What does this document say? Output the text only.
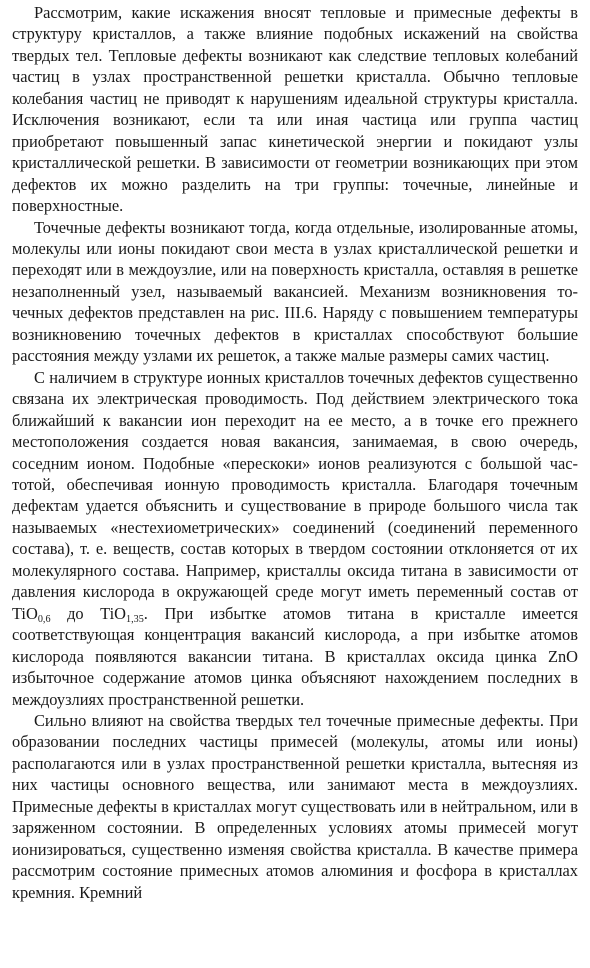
Рассмотрим, какие искажения вносят тепловые и примесные дефекты в структуру кристаллов, а также влияние подобных искажений на свойства твердых тел. Тепловые дефекты возникают как следствие тепловых колебаний частиц в узлах пространственной решетки кристалла. Обычно тепловые колебания частиц не приводят к нарушениям идеальной структуры кристалла. Исключения возникают, если та или иная частица или группа частиц приобретают повышенный запас кинетической энергии и покидают узлы кристаллической решетки. В зависимости от геометрии возникающих при этом дефектов их можно разделить на три группы: точечные, линейные и поверхностные.

Точечные дефекты возникают тогда, когда отдельные, изолированные атомы, молекулы или ионы покидают свои места в узлах кристаллической решетки и переходят или в междоузлие, или на поверхность кристалла, оставляя в решетке незаполненный узел, называемый вакансией. Механизм возникновения точечных дефектов представлен на рис. III.6. Наряду с повышением температуры возникновению точечных дефектов в кристаллах способствуют большие расстояния между узлами их решеток, а также малые размеры самих частиц.

С наличием в структуре ионных кристаллов точечных дефектов существенно связана их электрическая проводимость. Под действием электрического тока ближайший к вакансии ион переходит на ее место, а в точке его прежнего местоположения создается новая вакансия, занимаемая, в свою очередь, соседним ионом. Подобные «перескоки» ионов реализуются с большой частотой, обеспечивая ионную проводимость кристалла. Благодаря точечным дефектам удается объяснить и существование в природе большого числа так называемых «нестехиометрических» соединений (соединений переменного состава), т. е. веществ, состав которых в твердом состоянии отклоняется от их молекулярного состава. Например, кристаллы оксида титана в зависимости от давления кислорода в окружающей среде могут иметь переменный состав от TiO$_{0,6}$ до TiO$_{1,35}$. При избытке атомов титана в кристалле имеется соответствующая концентрация вакансий кислорода, а при избытке атомов кислорода появляются вакансии титана. В кристаллах оксида цинка ZnO избыточное содержание атомов цинка объясняют нахождением последних в междоузлиях пространственной решетки.

Сильно влияют на свойства твердых тел точечные примесные дефекты. При образовании последних частицы примесей (молекулы, атомы или ионы) располагаются или в узлах пространственной решетки кристалла, вытесняя из них частицы основного вещества, или занимают места в междоузлиях. Примесные дефекты в кристаллах могут существовать или в нейтральном, или в заряженном состоянии. В определенных условиях атомы примесей могут ионизироваться, существенно изменяя свойства кристалла. В качестве примера рассмотрим состояние примесных атомов алюминия и фосфора в кристаллах кремния. Кремний
